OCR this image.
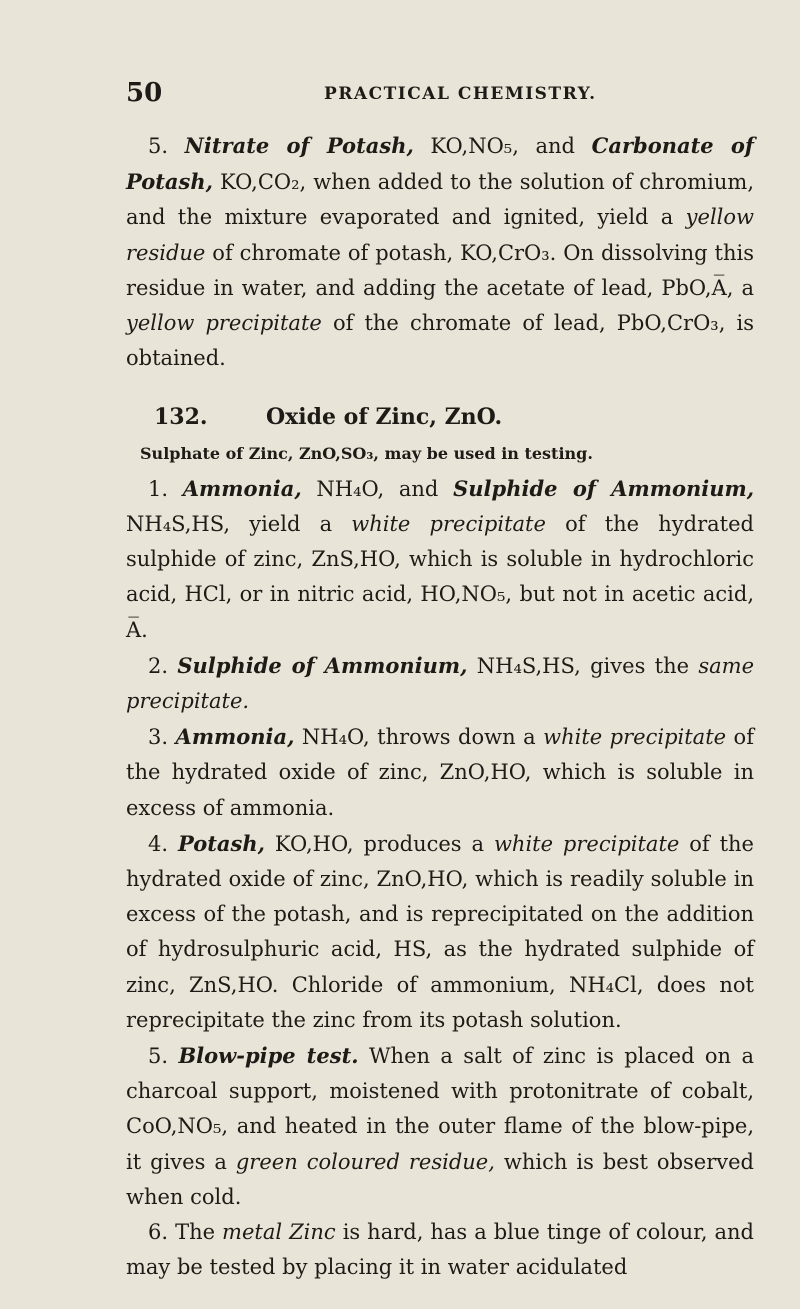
50	PRACTICAL CHEMISTRY.

5. Nitrate of Potash, KO,NO₅, and Carbonate of Potash, KO,CO₂, when added to the solution of chromium, and the mixture evaporated and ignited, yield a yellow residue of chromate of potash, KO,CrO₃. On dissolving this residue in water, and adding the acetate of lead, PbO,A̅, a yellow precipitate of the chromate of lead, PbO,CrO₃, is obtained.

132.	Oxide of Zinc, ZnO.

Sulphate of Zinc, ZnO,SO₃, may be used in testing.

1. Ammonia, NH₄O, and Sulphide of Ammonium, NH₄S,HS, yield a white precipitate of the hydrated sulphide of zinc, ZnS,HO, which is soluble in hydrochloric acid, HCl, or in nitric acid, HO,NO₅, but not in acetic acid, A̅.

2. Sulphide of Ammonium, NH₄S,HS, gives the same precipitate.

3. Ammonia, NH₄O, throws down a white precipitate of the hydrated oxide of zinc, ZnO,HO, which is soluble in excess of ammonia.

4. Potash, KO,HO, produces a white precipitate of the hydrated oxide of zinc, ZnO,HO, which is readily soluble in excess of the potash, and is reprecipitated on the addition of hydrosulphuric acid, HS, as the hydrated sulphide of zinc, ZnS,HO. Chloride of ammonium, NH₄Cl, does not reprecipitate the zinc from its potash solution.

5. Blow-pipe test. When a salt of zinc is placed on a charcoal support, moistened with protonitrate of cobalt, CoO,NO₅, and heated in the outer flame of the blow-pipe, it gives a green coloured residue, which is best observed when cold.

6. The metal Zinc is hard, has a blue tinge of colour, and may be tested by placing it in water acidulated
